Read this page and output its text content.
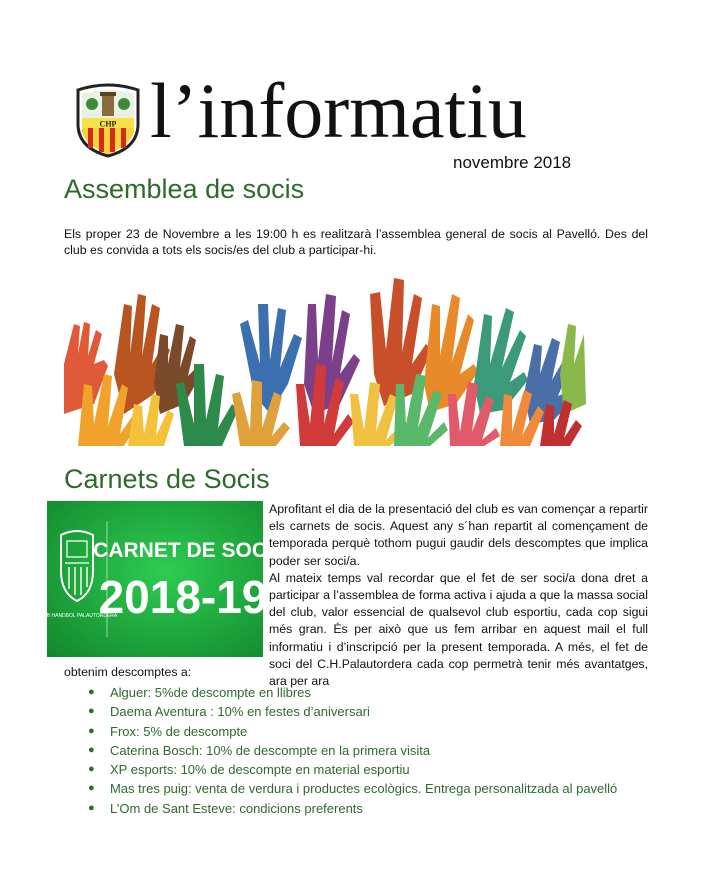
CHP l’informatiu
novembre 2018
Assemblea de socis
Els proper 23 de Novembre a les 19:00 h es realitzarà l’assemblea general de socis al Pavelló. Des del club es convida a tots els socis/es del club a participar-hi.
Carnets de Socis
CLUB HANDBOL PALAUTORDERA
CARNET DE SOCI
2018-19
Aprofitant el dia de la presentació del club es van començar a repartir els carnets de socis. Aquest any s´han repartit al començament de temporada perquè tothom pugui gaudir dels descomptes que implica poder ser soci/a.
Al mateix temps val recordar que el fet de ser soci/a dona dret a participar a l’assemblea de forma activa i ajuda a que la massa social del club, valor essencial de qualsevol club esportiu, cada cop sigui més gran. És per això que us fem arribar en aquest mail el full informatiu i d’inscripció per la present temporada. A més, el fet de soci del C.H.Palautordera cada cop permetrà tenir més avantatges, ara per ara
obtenim descomptes a:
● Alguer: 5%de descompte en llibres
● Daema Aventura : 10% en festes d’aniversari
● Frox: 5% de descompte
● Caterina Bosch: 10% de descompte en la primera visita
● XP esports: 10% de descompte en material esportiu
● Mas tres puig: venta de verdura i productes ecològics. Entrega personalitzada al pavelló
● L’Om de Sant Esteve: condicions preferents
